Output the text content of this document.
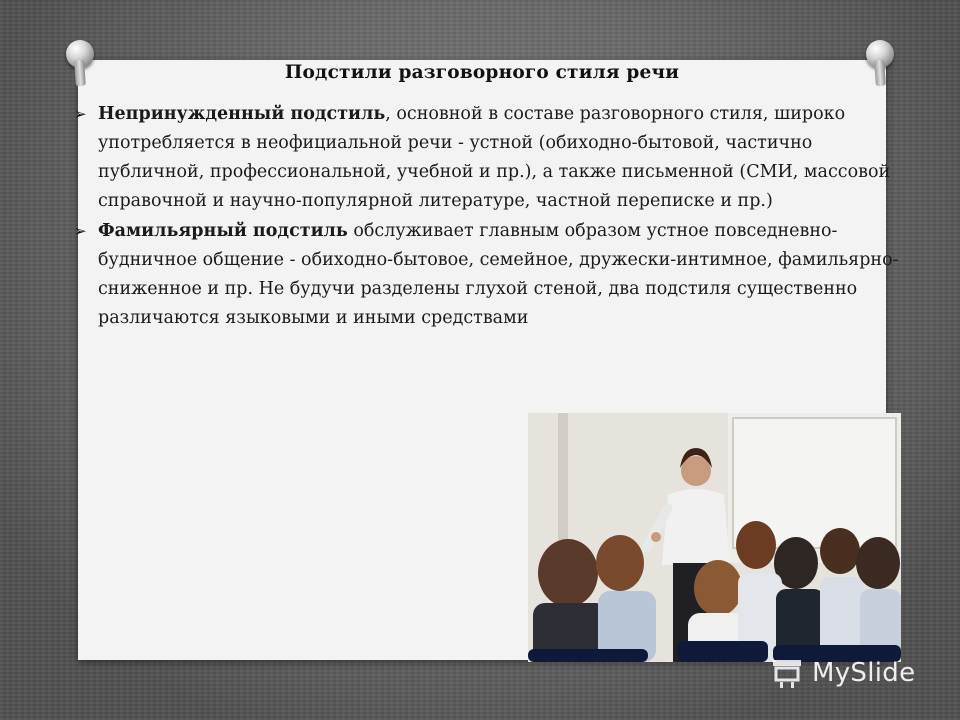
Подстили разговорного стиля речи
➢ Непринужденный подстиль, основной в составе разговорного стиля, широко употребляется в неофициальной речи - устной (обиходно-бытовой, частично публичной, профессиональной, учебной и пр.), а также письменной (СМИ, массовой справочной и научно-популярной литературе, частной переписке и пр.)
➢ Фамильярный подстиль обслуживает главным образом устное повседневно-будничное общение - обиходно-бытовое, семейное, дружески-интимное, фамильярно-сниженное и пр. Не будучи разделены глухой стеной, два подстиля существенно различаются языковыми и иными средствами
MySlide
